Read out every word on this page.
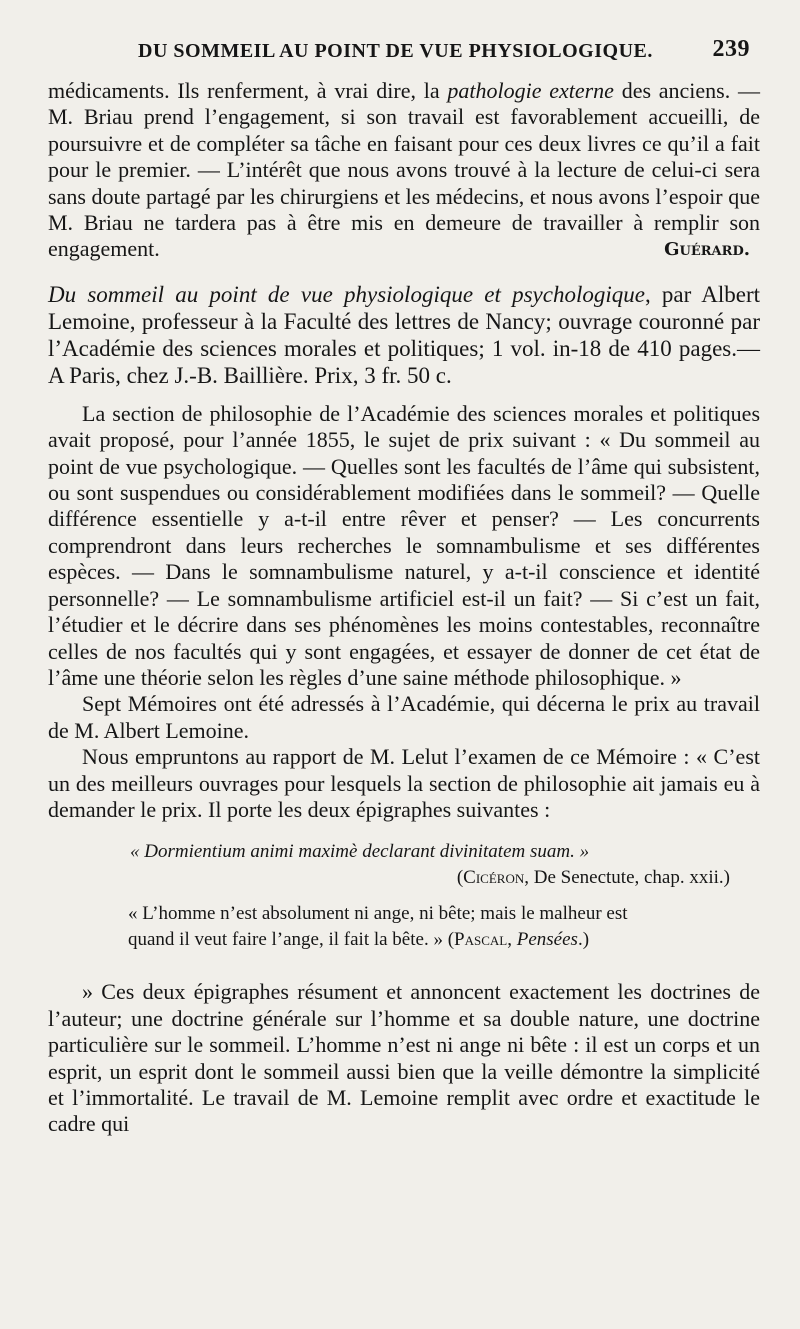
DU SOMMEIL AU POINT DE VUE PHYSIOLOGIQUE. 239

médicaments. Ils renferment, à vrai dire, la pathologie externe des anciens. — M. Briau prend l’engagement, si son travail est favorablement accueilli, de poursuivre et de compléter sa tâche en faisant pour ces deux livres ce qu’il a fait pour le premier. — L’intérêt que nous avons trouvé à la lecture de celui-ci sera sans doute partagé par les chirurgiens et les médecins, et nous avons l’espoir que M. Briau ne tardera pas à être mis en demeure de travailler à remplir son engagement.	Guérard.
Du sommeil au point de vue physiologique et psychologique, par Albert Lemoine, professeur à la Faculté des lettres de Nancy; ouvrage couronné par l’Académie des sciences morales et politiques; 1 vol. in-18 de 410 pages.—A Paris, chez J.-B. Baillière. Prix, 3 fr. 50 c.

La section de philosophie de l’Académie des sciences morales et politiques avait proposé, pour l’année 1855, le sujet de prix suivant : « Du sommeil au point de vue psychologique. — Quelles sont les facultés de l’âme qui subsistent, ou sont suspendues ou considérablement modifiées dans le sommeil? — Quelle différence essentielle y a-t-il entre rêver et penser? — Les concurrents comprendront dans leurs recherches le somnambulisme et ses différentes espèces. — Dans le somnambulisme naturel, y a-t-il conscience et identité personnelle? — Le somnambulisme artificiel est-il un fait? — Si c’est un fait, l’étudier et le décrire dans ses phénomènes les moins contestables, reconnaître celles de nos facultés qui y sont engagées, et essayer de donner de cet état de l’âme une théorie selon les règles d’une saine méthode philosophique. »

Sept Mémoires ont été adressés à l’Académie, qui décerna le prix au travail de M. Albert Lemoine.

Nous empruntons au rapport de M. Lelut l’examen de ce Mémoire : « C’est un des meilleurs ouvrages pour lesquels la section de philosophie ait jamais eu à demander le prix. Il porte les deux épigraphes suivantes :

« Dormientium animi maximè declarant divinitatem suam. »
(Cicéron, De Senectute, chap. xxii.)
« L’homme n’est absolument ni ange, ni bête; mais le malheur est
quand il veut faire l’ange, il fait la bête. » (Pascal, Pensées.)

» Ces deux épigraphes résument et annoncent exactement les doctrines de l’auteur; une doctrine générale sur l’homme et sa double nature, une doctrine particulière sur le sommeil. L’homme n’est ni ange ni bête : il est un corps et un esprit, un esprit dont le sommeil aussi bien que la veille démontre la simplicité et l’immortalité. Le travail de M. Lemoine remplit avec ordre et exactitude le cadre qui
